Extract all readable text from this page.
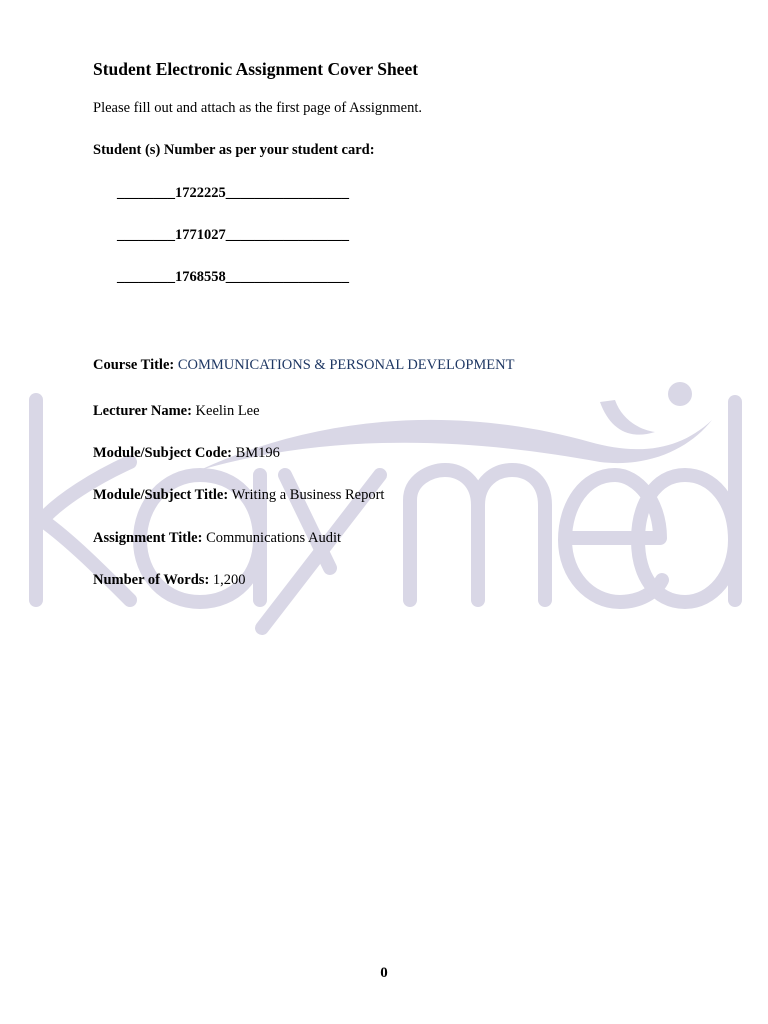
Student Electronic Assignment Cover Sheet
Please fill out and attach as the first page of Assignment.
Student (s) Number as per your student card:
________1722225_________________
________1771027_________________
________1768558_________________
Course Title: COMMUNICATIONS & PERSONAL DEVELOPMENT
Lecturer Name: Keelin Lee
Module/Subject Code: BM196
Module/Subject Title: Writing a Business Report
Assignment Title: Communications Audit
Number of Words: 1,200
0
